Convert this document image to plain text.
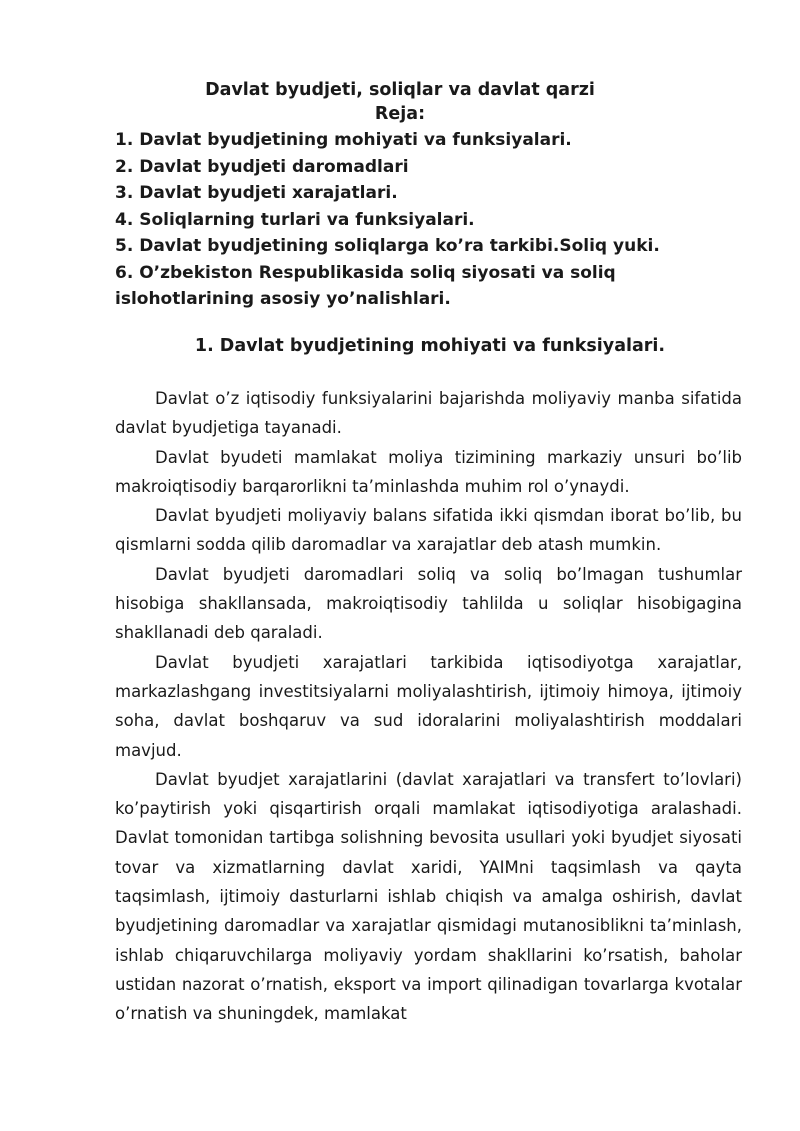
Davlat byudjeti, soliqlar va davlat qarzi
Reja:
1. Davlat byudjetining mohiyati va funksiyalari.
2. Davlat byudjeti daromadlari
3. Davlat byudjeti xarajatlari.
4. Soliqlarning turlari va funksiyalari.
5. Davlat byudjetining soliqlarga ko’ra tarkibi.Soliq yuki.
6. O’zbekiston Respublikasida soliq siyosati va soliq islohotlarining asosiy yo’nalishlari.
1. Davlat byudjetining mohiyati va funksiyalari.

Davlat o’z iqtisodiy funksiyalarini bajarishda moliyaviy manba sifatida davlat byudjetiga tayanadi.

Davlat byudeti mamlakat moliya tizimining markaziy unsuri bo’lib makroiqtisodiy barqarorlikni ta’minlashda muhim rol o’ynaydi.

Davlat byudjeti moliyaviy balans sifatida ikki qismdan iborat bo’lib, bu qismlarni sodda qilib daromadlar va xarajatlar deb atash mumkin.

Davlat byudjeti daromadlari soliq va soliq bo’lmagan tushumlar hisobiga shakllansada, makroiqtisodiy tahlilda u soliqlar hisobigagina shakllanadi deb qaraladi.

Davlat byudjeti xarajatlari tarkibida iqtisodiyotga xarajatlar, markazlashgang investitsiyalarni moliyalashtirish, ijtimoiy himoya, ijtimoiy soha, davlat boshqaruv va sud idoralarini moliyalashtirish moddalari mavjud.

Davlat byudjet xarajatlarini (davlat xarajatlari va transfert to’lovlari) ko’paytirish yoki qisqartirish orqali mamlakat iqtisodiyotiga aralashadi. Davlat tomonidan tartibga solishning bevosita usullari yoki byudjet siyosati tovar va xizmatlarning davlat xaridi, YAIMni taqsimlash va qayta taqsimlash, ijtimoiy dasturlarni ishlab chiqish va amalga oshirish, davlat byudjetining daromadlar va xarajatlar qismidagi mutanosiblikni ta’minlash, ishlab chiqaruvchilarga moliyaviy yordam shakllarini ko’rsatish, baholar ustidan nazorat o’rnatish, eksport va import qilinadigan tovarlarga kvotalar o’rnatish va shuningdek, mamlakat
